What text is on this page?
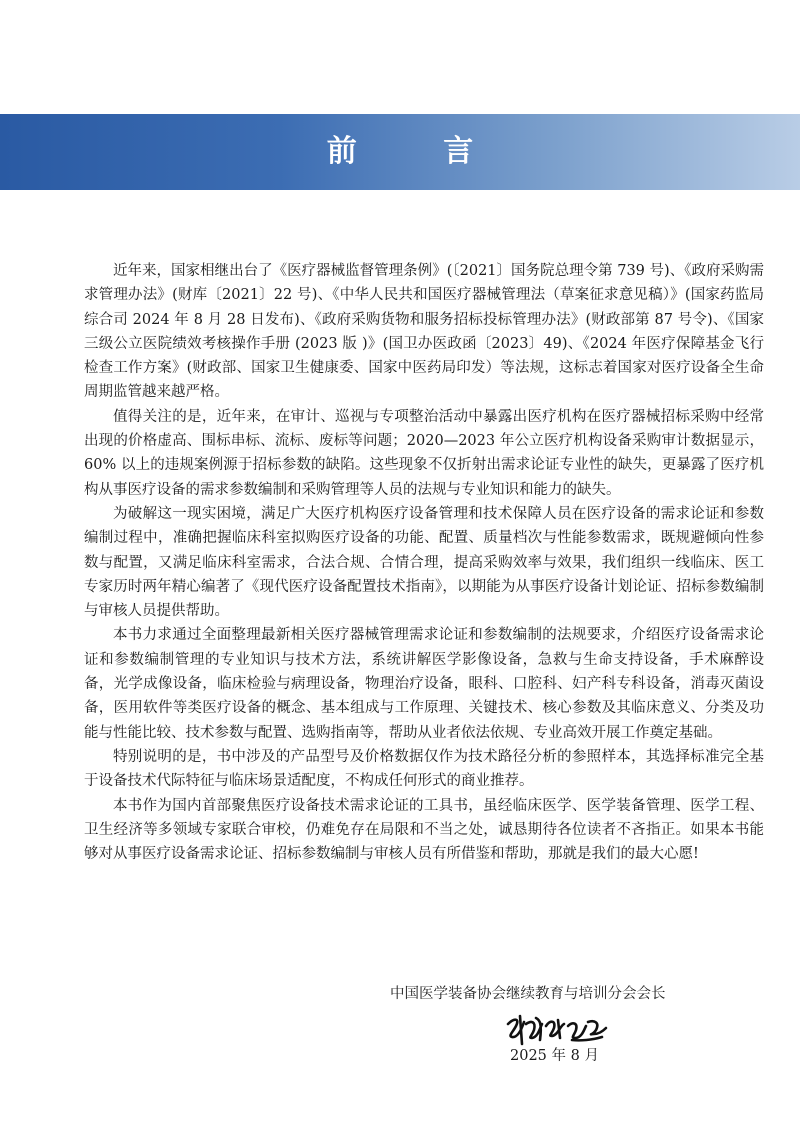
前 言

近年来，国家相继出台了《医疗器械监督管理条例》(〔2021〕国务院总理令第 739 号)、《政府采购需求管理办法》(财库〔2021〕22 号)、《中华人民共和国医疗器械管理法（草案征求意见稿）》(国家药监局综合司 2024 年 8 月 28 日发布)、《政府采购货物和服务招标投标管理办法》(财政部第 87 号令)、《国家三级公立医院绩效考核操作手册 (2023 版 )》(国卫办医政函〔2023〕49)、《2024 年医疗保障基金飞行检查工作方案》(财政部、国家卫生健康委、国家中医药局印发）等法规，这标志着国家对医疗设备全生命周期监管越来越严格。

值得关注的是，近年来，在审计、巡视与专项整治活动中暴露出医疗机构在医疗器械招标采购中经常出现的价格虚高、围标串标、流标、废标等问题；2020—2023 年公立医疗机构设备采购审计数据显示，60% 以上的违规案例源于招标参数的缺陷。这些现象不仅折射出需求论证专业性的缺失，更暴露了医疗机构从事医疗设备的需求参数编制和采购管理等人员的法规与专业知识和能力的缺失。

为破解这一现实困境，满足广大医疗机构医疗设备管理和技术保障人员在医疗设备的需求论证和参数编制过程中，准确把握临床科室拟购医疗设备的功能、配置、质量档次与性能参数需求，既规避倾向性参数与配置，又满足临床科室需求，合法合规、合情合理，提高采购效率与效果，我们组织一线临床、医工专家历时两年精心编著了《现代医疗设备配置技术指南》，以期能为从事医疗设备计划论证、招标参数编制与审核人员提供帮助。

本书力求通过全面整理最新相关医疗器械管理需求论证和参数编制的法规要求，介绍医疗设备需求论证和参数编制管理的专业知识与技术方法，系统讲解医学影像设备，急救与生命支持设备，手术麻醉设备，光学成像设备，临床检验与病理设备，物理治疗设备，眼科、口腔科、妇产科专科设备，消毒灭菌设备，医用软件等类医疗设备的概念、基本组成与工作原理、关键技术、核心参数及其临床意义、分类及功能与性能比较、技术参数与配置、选购指南等，帮助从业者依法依规、专业高效开展工作奠定基础。

特别说明的是，书中涉及的产品型号及价格数据仅作为技术路径分析的参照样本，其选择标准完全基于设备技术代际特征与临床场景适配度，不构成任何形式的商业推荐。

本书作为国内首部聚焦医疗设备技术需求论证的工具书，虽经临床医学、医学装备管理、医学工程、卫生经济等多领域专家联合审校，仍难免存在局限和不当之处，诚恳期待各位读者不吝指正。如果本书能够对从事医疗设备需求论证、招标参数编制与审核人员有所借鉴和帮助，那就是我们的最大心愿!

中国医学装备协会继续教育与培训分会会长
2025 年 8 月
